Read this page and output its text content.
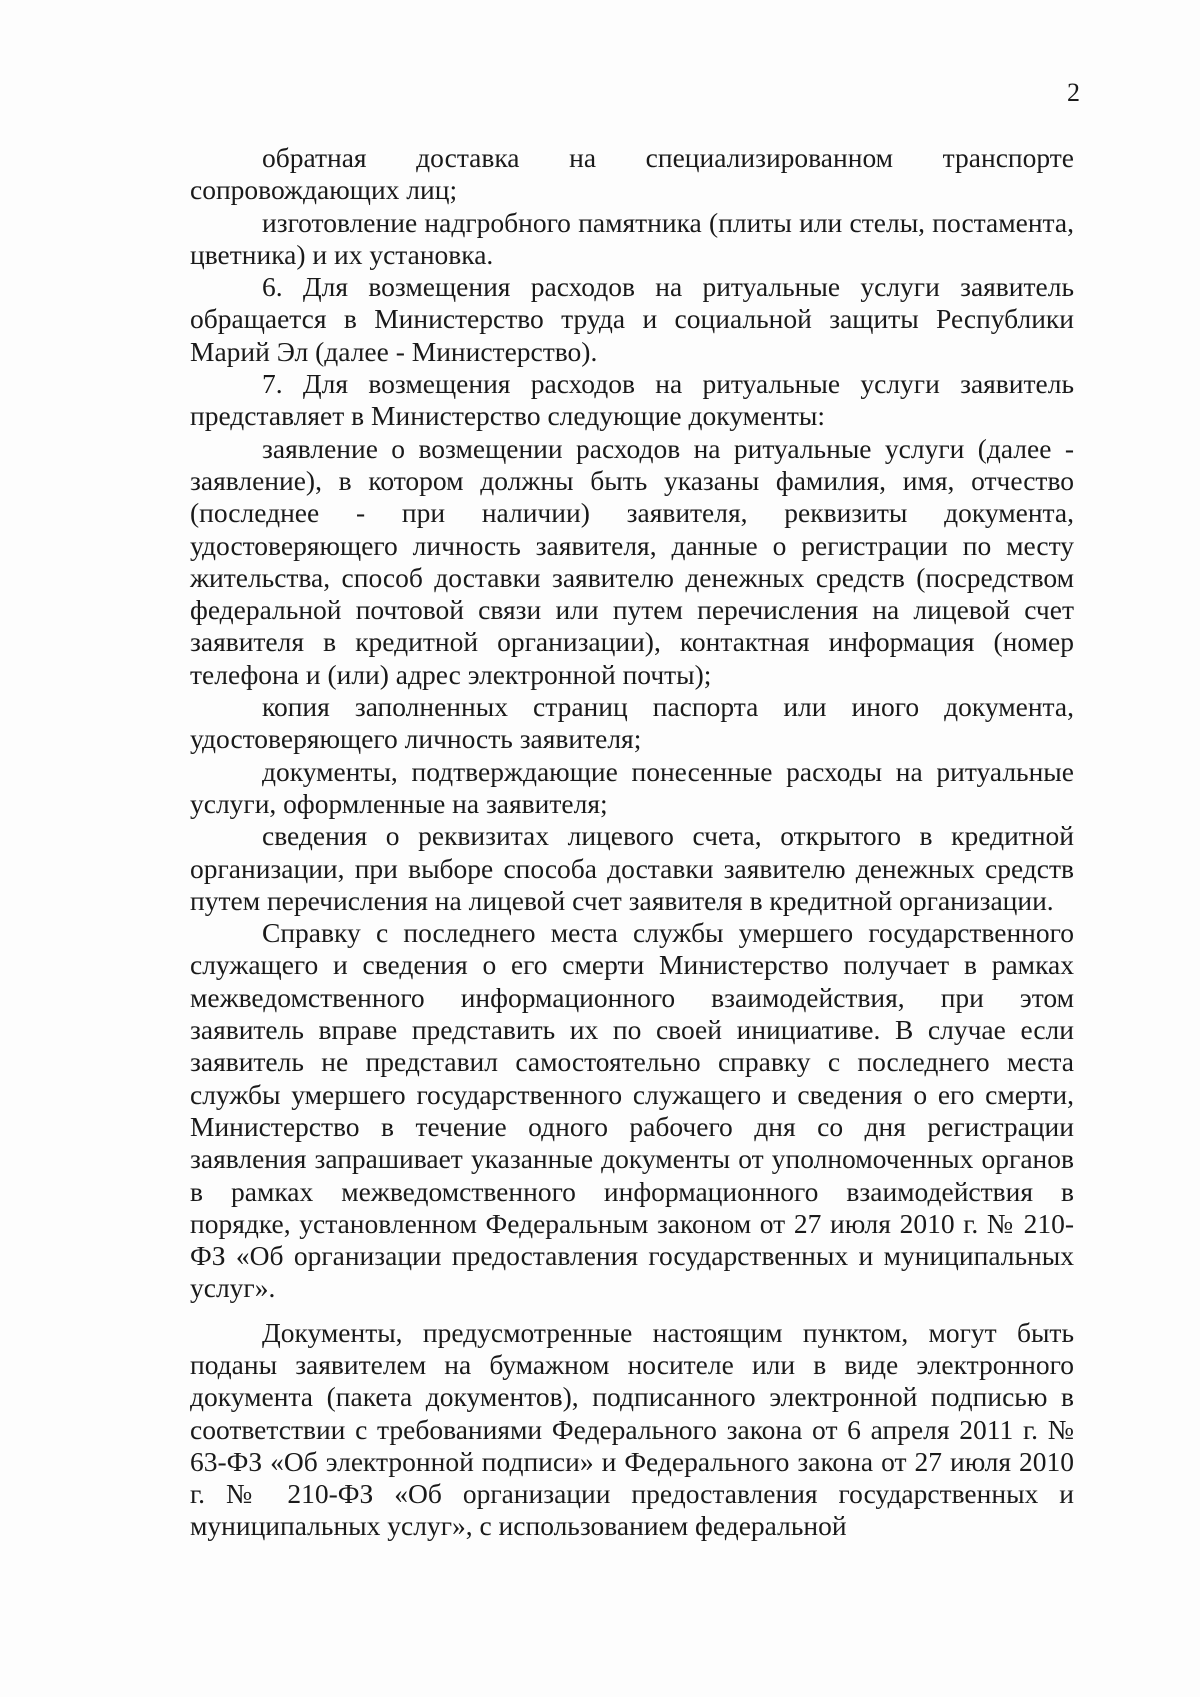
2

обратная доставка на специализированном транспорте сопровождающих лиц;

изготовление надгробного памятника (плиты или стелы, постамента, цветника) и их установка.

6. Для возмещения расходов на ритуальные услуги заявитель обращается в Министерство труда и социальной защиты Республики Марий Эл (далее - Министерство).

7. Для возмещения расходов на ритуальные услуги заявитель представляет в Министерство следующие документы:

заявление о возмещении расходов на ритуальные услуги (далее - заявление), в котором должны быть указаны фамилия, имя, отчество (последнее - при наличии) заявителя, реквизиты документа, удостоверяющего личность заявителя, данные о регистрации по месту жительства, способ доставки заявителю денежных средств (посредством федеральной почтовой связи или путем перечисления на лицевой счет заявителя в кредитной организации), контактная информация (номер телефона и (или) адрес электронной почты);

копия заполненных страниц паспорта или иного документа, удостоверяющего личность заявителя;

документы, подтверждающие понесенные расходы на ритуальные услуги, оформленные на заявителя;

сведения о реквизитах лицевого счета, открытого в кредитной организации, при выборе способа доставки заявителю денежных средств путем перечисления на лицевой счет заявителя в кредитной организации.

Справку с последнего места службы умершего государственного служащего и сведения о его смерти Министерство получает в рамках межведомственного информационного взаимодействия, при этом заявитель вправе представить их по своей инициативе. В случае если заявитель не представил самостоятельно справку с последнего места службы умершего государственного служащего и сведения о его смерти, Министерство в течение одного рабочего дня со дня регистрации заявления запрашивает указанные документы от уполномоченных органов в рамках межведомственного информационного взаимодействия в порядке, установленном Федеральным законом от 27 июля 2010 г. № 210-ФЗ «Об организации предоставления государственных и муниципальных услуг».

Документы, предусмотренные настоящим пунктом, могут быть поданы заявителем на бумажном носителе или в виде электронного документа (пакета документов), подписанного электронной подписью в соответствии с требованиями Федерального закона от 6 апреля 2011 г. № 63-ФЗ «Об электронной подписи» и Федерального закона от 27 июля 2010 г. № 210-ФЗ «Об организации предоставления государственных и муниципальных услуг», с использованием федеральной
